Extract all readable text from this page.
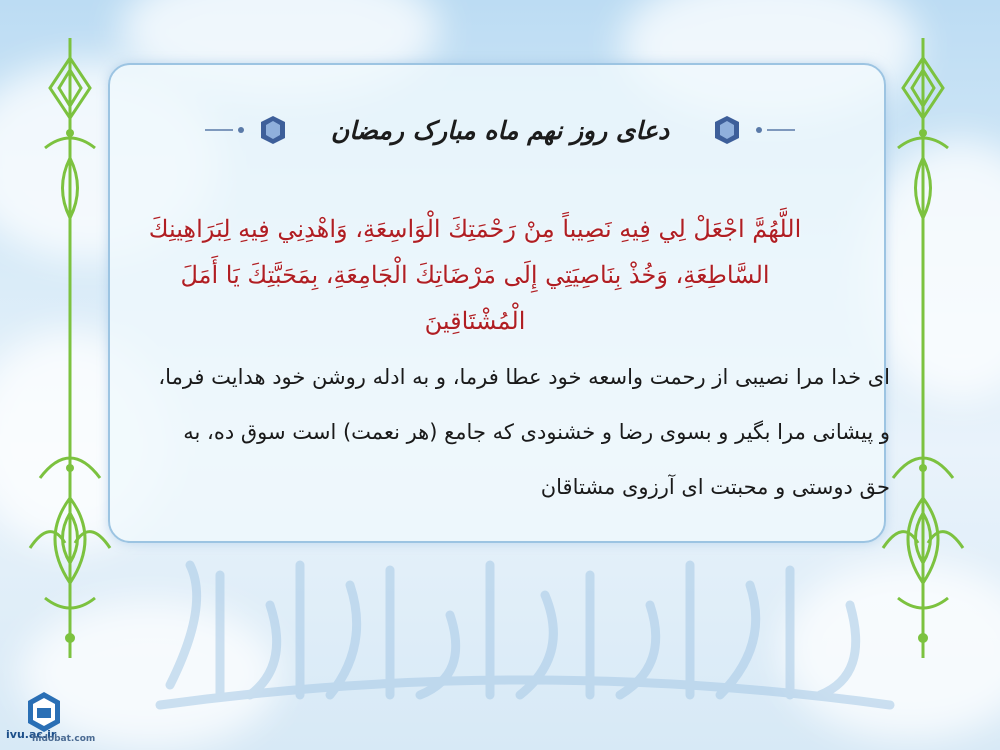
دعای روز نهم ماه مبارک رمضان
اللَّهُمَّ اجْعَلْ لِي فِيهِ نَصِيباً مِنْ رَحْمَتِكَ الْوَاسِعَةِ، وَاهْدِنِي فِيهِ لِبَرَاهِينِكَ السَّاطِعَةِ، وَخُذْ بِنَاصِيَتِي إِلَى مَرْضَاتِكَ الْجَامِعَةِ، بِمَحَبَّتِكَ يَا أَمَلَ الْمُشْتَاقِينَ
ای خدا مرا نصیبی از رحمت واسعه خود عطا فرما، و به ادله روشن خود هدایت فرما، و پیشانی مرا بگیر و بسوی رضا و خشنودی که جامع (هر نعمت) است سوق ده، به حق دوستی و محبتت ای آرزوی مشتاقان
ivu.ac.ir
hidobat.com
